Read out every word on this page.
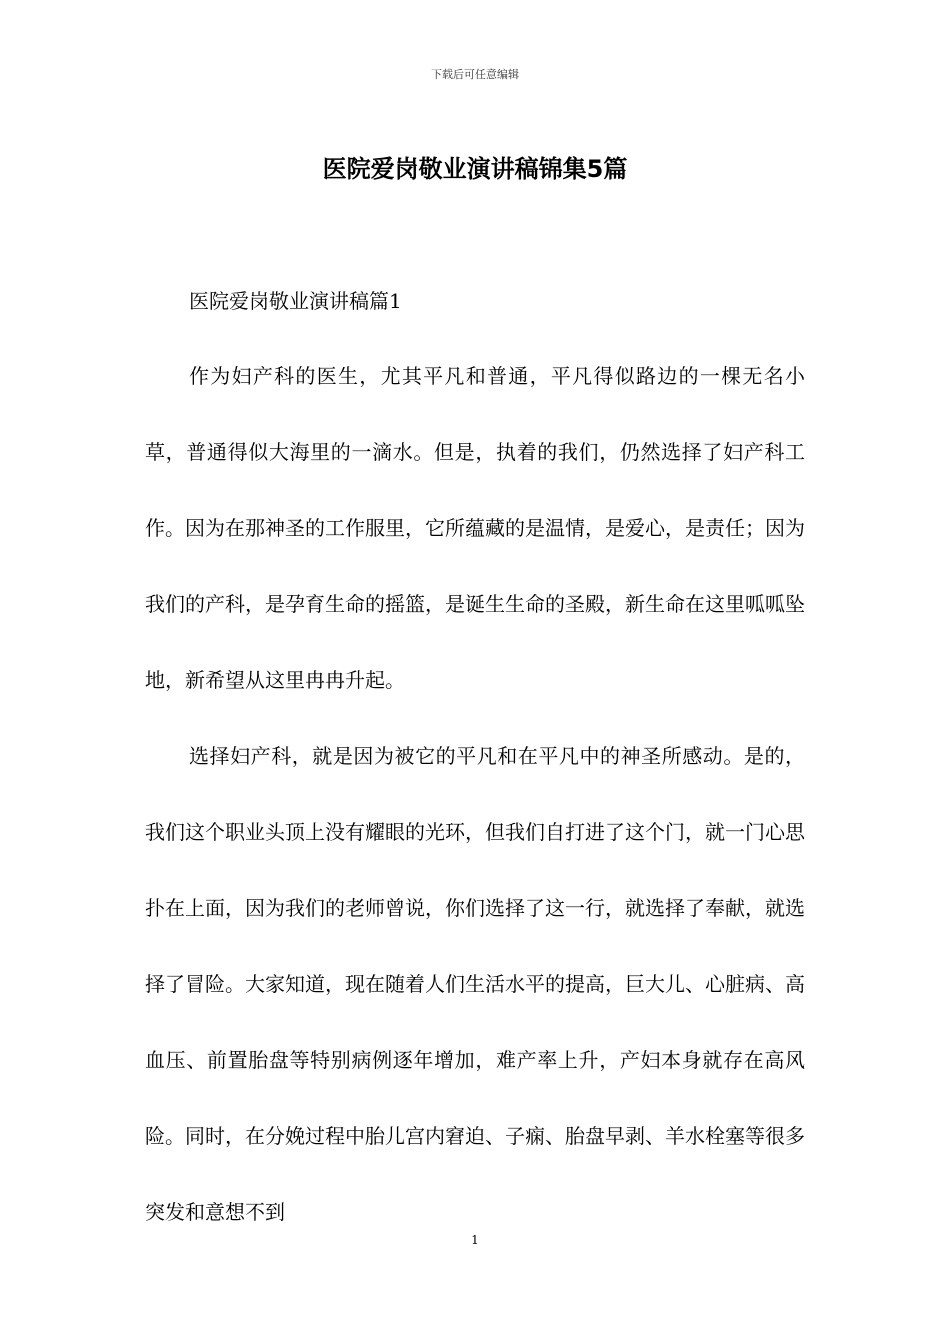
下载后可任意编辑
医院爱岗敬业演讲稿锦集5篇
医院爱岗敬业演讲稿篇1

作为妇产科的医生，尤其平凡和普通，平凡得似路边的一棵无名小草，普通得似大海里的一滴水。但是，执着的我们，仍然选择了妇产科工作。因为在那神圣的工作服里，它所蕴藏的是温情，是爱心，是责任；因为我们的产科，是孕育生命的摇篮，是诞生生命的圣殿，新生命在这里呱呱坠地，新希望从这里冉冉升起。

选择妇产科，就是因为被它的平凡和在平凡中的神圣所感动。是的，我们这个职业头顶上没有耀眼的光环，但我们自打进了这个门，就一门心思扑在上面，因为我们的老师曾说，你们选择了这一行，就选择了奉献，就选择了冒险。大家知道，现在随着人们生活水平的提高，巨大儿、心脏病、高血压、前置胎盘等特别病例逐年增加，难产率上升，产妇本身就存在高风险。同时，在分娩过程中胎儿宫内窘迫、子痫、胎盘早剥、羊水栓塞等很多突发和意想不到

1
